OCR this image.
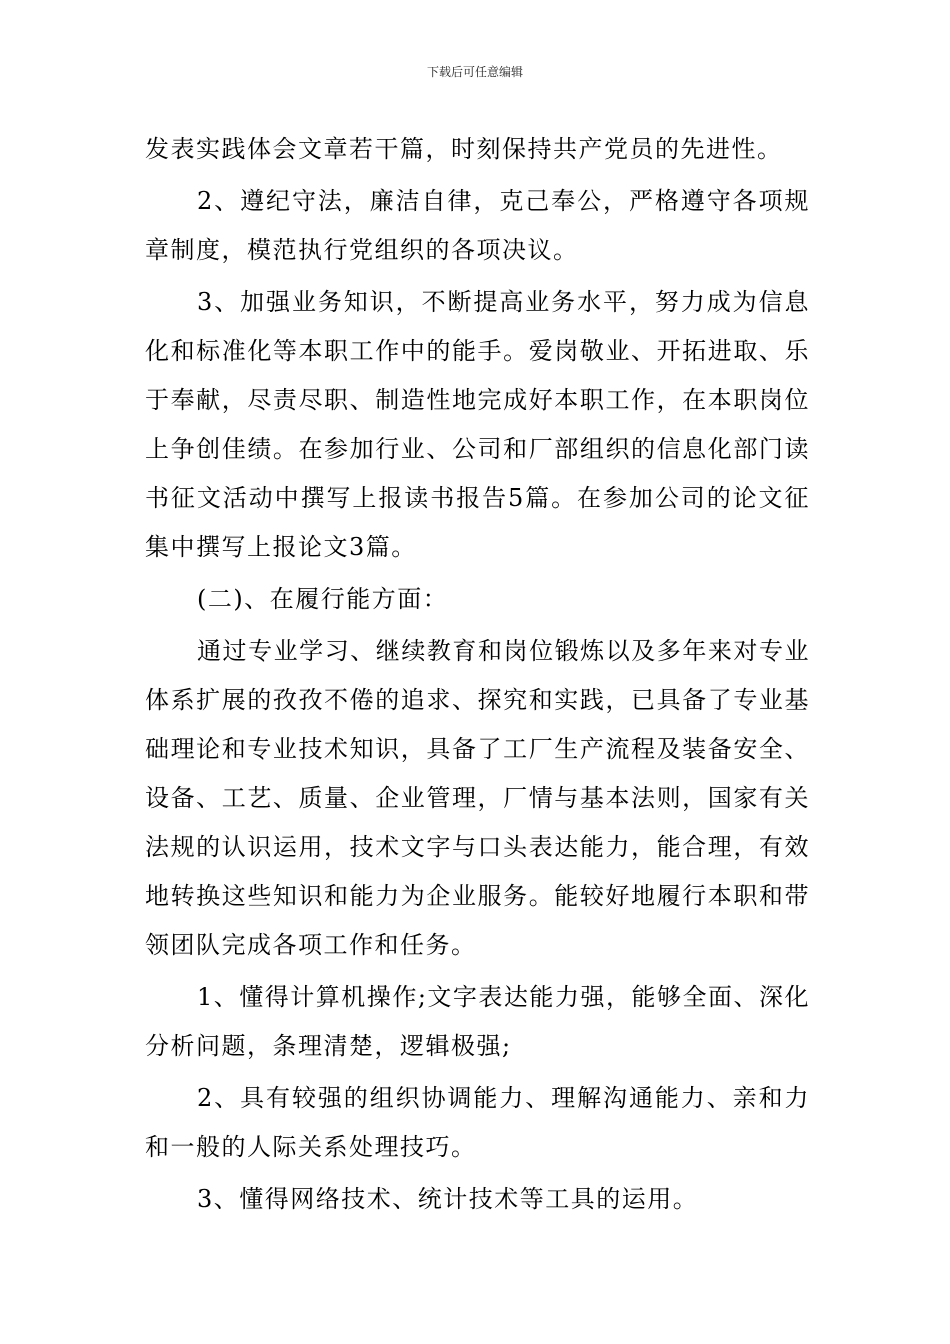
下载后可任意编辑

发表实践体会文章若干篇，时刻保持共产党员的先进性。

2、遵纪守法，廉洁自律，克己奉公，严格遵守各项规章制度，模范执行党组织的各项决议。

3、加强业务知识，不断提高业务水平，努力成为信息化和标准化等本职工作中的能手。爱岗敬业、开拓进取、乐于奉献，尽责尽职、制造性地完成好本职工作，在本职岗位上争创佳绩。在参加行业、公司和厂部组织的信息化部门读书征文活动中撰写上报读书报告5篇。在参加公司的论文征集中撰写上报论文3篇。

(二)、在履行能方面：

通过专业学习、继续教育和岗位锻炼以及多年来对专业体系扩展的孜孜不倦的追求、探究和实践，已具备了专业基础理论和专业技术知识，具备了工厂生产流程及装备安全、设备、工艺、质量、企业管理，厂情与基本法则，国家有关法规的认识运用，技术文字与口头表达能力，能合理，有效地转换这些知识和能力为企业服务。能较好地履行本职和带领团队完成各项工作和任务。

1、懂得计算机操作;文字表达能力强，能够全面、深化分析问题，条理清楚，逻辑极强;

2、具有较强的组织协调能力、理解沟通能力、亲和力和一般的人际关系处理技巧。

3、懂得网络技术、统计技术等工具的运用。
